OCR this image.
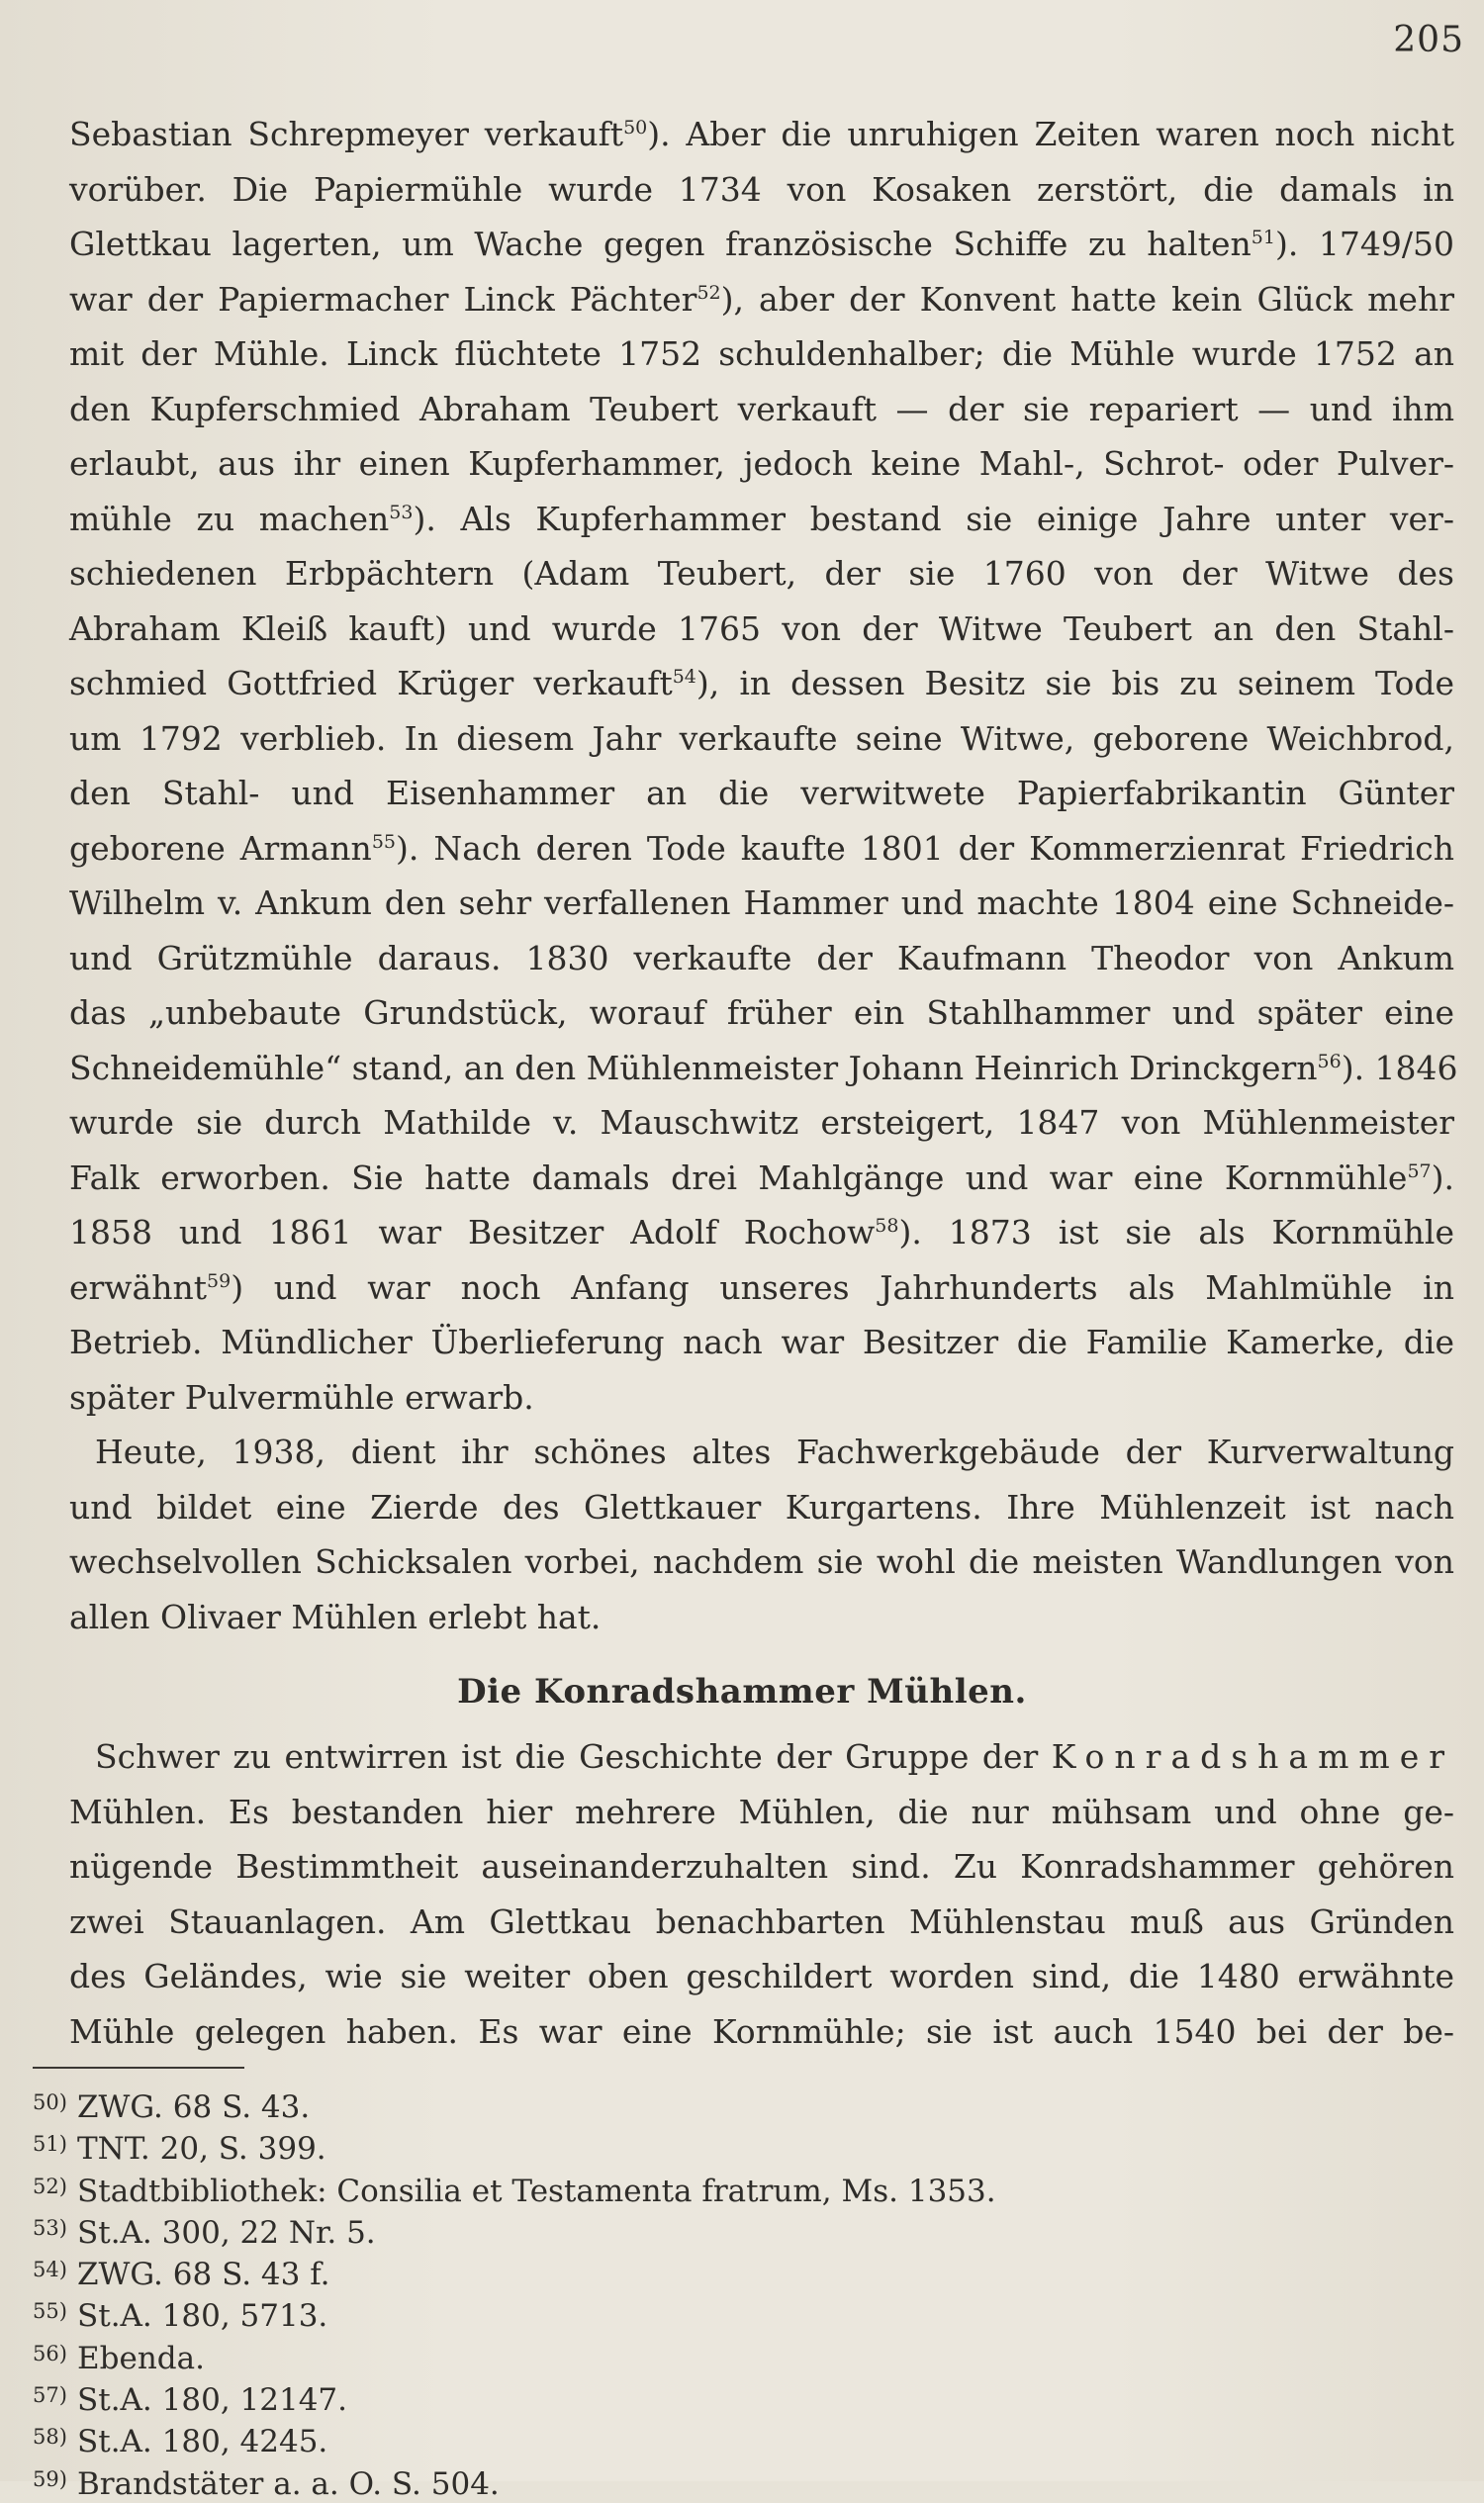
205

Sebastian Schrepmeyer verkauft$^{50}$). Aber die unruhigen Zeiten waren noch nicht
vorüber. Die Papiermühle wurde 1734 von Kosaken zerstört, die damals in
Glettkau lagerten, um Wache gegen französische Schiffe zu halten$^{51}$). 1749/50
war der Papiermacher Linck Pächter$^{52}$), aber der Konvent hatte kein Glück mehr
mit der Mühle. Linck flüchtete 1752 schuldenhalber; die Mühle wurde 1752 an
den Kupferschmied Abraham Teubert verkauft — der sie repariert — und ihm
erlaubt, aus ihr einen Kupferhammer, jedoch keine Mahl-, Schrot- oder Pulver-
mühle zu machen$^{53}$). Als Kupferhammer bestand sie einige Jahre unter ver-
schiedenen Erbpächtern (Adam Teubert, der sie 1760 von der Witwe des
Abraham Kleiß kauft) und wurde 1765 von der Witwe Teubert an den Stahl-
schmied Gottfried Krüger verkauft$^{54}$), in dessen Besitz sie bis zu seinem Tode
um 1792 verblieb. In diesem Jahr verkaufte seine Witwe, geborene Weichbrod,
den Stahl- und Eisenhammer an die verwitwete Papierfabrikantin Günter
geborene Armann$^{55}$). Nach deren Tode kaufte 1801 der Kommerzienrat Friedrich
Wilhelm v. Ankum den sehr verfallenen Hammer und machte 1804 eine Schneide-
und Grützmühle daraus. 1830 verkaufte der Kaufmann Theodor von Ankum
das „unbebaute Grundstück, worauf früher ein Stahlhammer und später eine
Schneidemühle“ stand, an den Mühlenmeister Johann Heinrich Drinckgern$^{56}$). 1846
wurde sie durch Mathilde v. Mauschwitz ersteigert, 1847 von Mühlenmeister
Falk erworben. Sie hatte damals drei Mahlgänge und war eine Kornmühle$^{57}$).
1858 und 1861 war Besitzer Adolf Rochow$^{58}$). 1873 ist sie als Kornmühle
erwähnt$^{59}$) und war noch Anfang unseres Jahrhunderts als Mahlmühle in
Betrieb. Mündlicher Überlieferung nach war Besitzer die Familie Kamerke, die
später Pulvermühle erwarb.

Heute, 1938, dient ihr schönes altes Fachwerkgebäude der Kurverwaltung
und bildet eine Zierde des Glettkauer Kurgartens. Ihre Mühlenzeit ist nach
wechselvollen Schicksalen vorbei, nachdem sie wohl die meisten Wandlungen von
allen Olivaer Mühlen erlebt hat.

Die Konradshammer Mühlen.

Schwer zu entwirren ist die Geschichte der Gruppe der Konradshammer
Mühlen. Es bestanden hier mehrere Mühlen, die nur mühsam und ohne ge-
nügende Bestimmtheit auseinanderzuhalten sind. Zu Konradshammer gehören
zwei Stauanlagen. Am Glettkau benachbarten Mühlenstau muß aus Gründen
des Geländes, wie sie weiter oben geschildert worden sind, die 1480 erwähnte
Mühle gelegen haben. Es war eine Kornmühle; sie ist auch 1540 bei der be-

50) ZWG. 68 S. 43.
51) TNT. 20, S. 399.
52) Stadtbibliothek: Consilia et Testamenta fratrum, Ms. 1353.
53) St.A. 300, 22 Nr. 5.
54) ZWG. 68 S. 43 f.
55) St.A. 180, 5713.
56) Ebenda.
57) St.A. 180, 12147.
58) St.A. 180, 4245.
59) Brandstäter a. a. O. S. 504.
